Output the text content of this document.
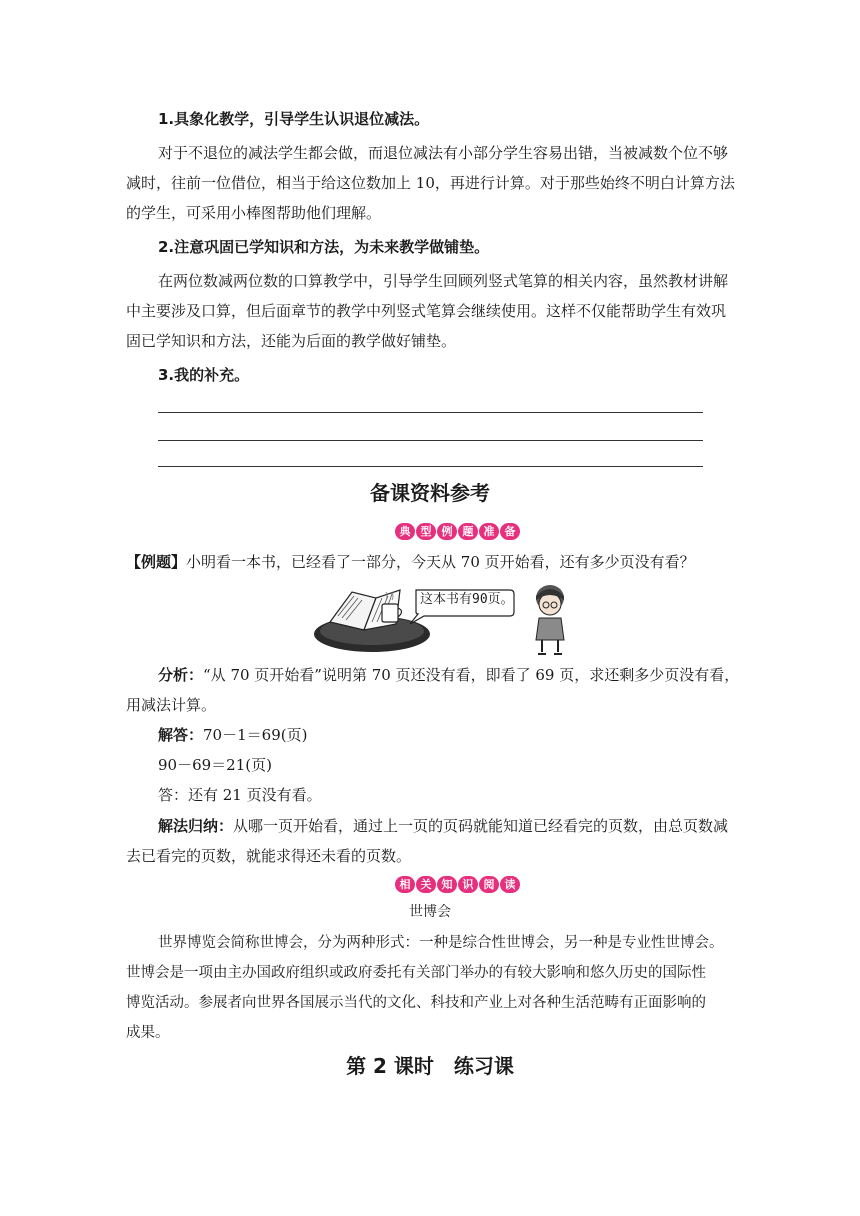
1.具象化教学，引导学生认识退位减法。
对于不退位的减法学生都会做，而退位减法有小部分学生容易出错，当被减数个位不够
减时，往前一位借位，相当于给这位数加上 10，再进行计算。对于那些始终不明白计算方法
的学生，可采用小棒图帮助他们理解。
2.注意巩固已学知识和方法，为未来教学做铺垫。
在两位数减两位数的口算教学中，引导学生回顾列竖式笔算的相关内容，虽然教材讲解
中主要涉及口算，但后面章节的教学中列竖式笔算会继续使用。这样不仅能帮助学生有效巩
固已学知识和方法，还能为后面的教学做好铺垫。
3.我的补充。
备课资料参考
典 型 例 题 准 备
【例题】小明看一本书，已经看了一部分，今天从 70 页开始看，还有多少页没有看？
这本书有90页。
分析：“从 70 页开始看”说明第 70 页还没有看，即看了 69 页，求还剩多少页没有看，
用减法计算。
解答：70－1＝69(页)
90－69＝21(页)
答：还有 21 页没有看。
解法归纳：从哪一页开始看，通过上一页的页码就能知道已经看完的页数，由总页数减
去已看完的页数，就能求得还未看的页数。
相 关 知 识 阅 读
世博会
世界博览会简称世博会，分为两种形式：一种是综合性世博会，另一种是专业性世博会。
世博会是一项由主办国政府组织或政府委托有关部门举办的有较大影响和悠久历史的国际性
博览活动。参展者向世界各国展示当代的文化、科技和产业上对各种生活范畴有正面影响的
成果。
第 2 课时　练习课
